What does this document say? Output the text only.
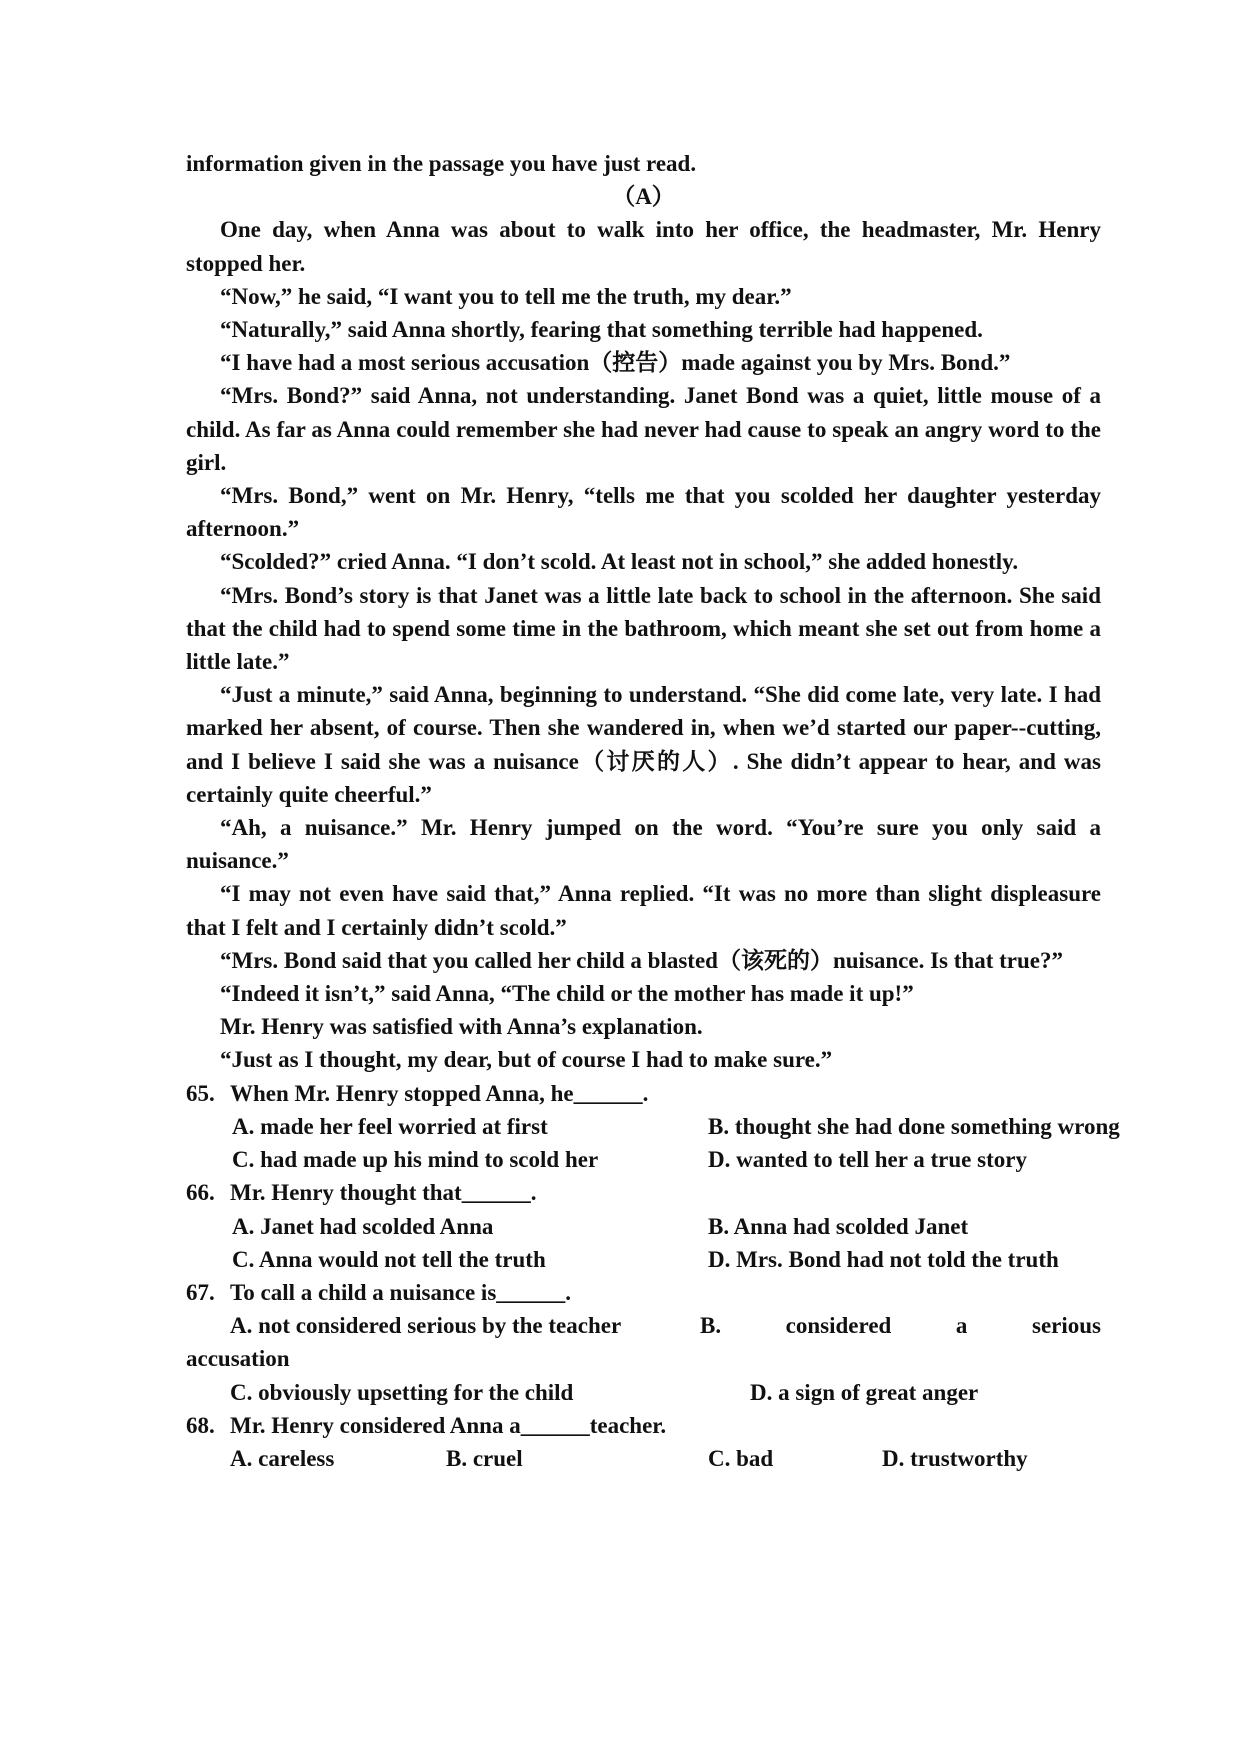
information given in the passage you have just read.
（A）
One day, when Anna was about to walk into her office, the headmaster, Mr. Henry stopped her.
“Now,” he said, “I want you to tell me the truth, my dear.”
“Naturally,” said Anna shortly, fearing that something terrible had happened.
“I have had a most serious accusation（控告）made against you by Mrs. Bond.”
“Mrs. Bond?” said Anna, not understanding. Janet Bond was a quiet, little mouse of a child. As far as Anna could remember she had never had cause to speak an angry word to the girl.
“Mrs. Bond,” went on Mr. Henry, “tells me that you scolded her daughter yesterday afternoon.”
“Scolded?” cried Anna. “I don’t scold. At least not in school,” she added honestly.
“Mrs. Bond’s story is that Janet was a little late back to school in the afternoon. She said that the child had to spend some time in the bathroom, which meant she set out from home a little late.”
“Just a minute,” said Anna, beginning to understand. “She did come late, very late. I had marked her absent, of course. Then she wandered in, when we’d started our paper--cutting, and I believe I said she was a nuisance（讨厌的人）. She didn’t appear to hear, and was certainly quite cheerful.”
“Ah, a nuisance.” Mr. Henry jumped on the word. “You’re sure you only said a nuisance.”
“I may not even have said that,” Anna replied. “It was no more than slight displeasure that I felt and I certainly didn’t scold.”
“Mrs. Bond said that you called her child a blasted（该死的）nuisance. Is that true?”
“Indeed it isn’t,” said Anna, “The child or the mother has made it up!”
Mr. Henry was satisfied with Anna’s explanation.
“Just as I thought, my dear, but of course I had to make sure.”
65. When Mr. Henry stopped Anna, he______.
A. made her feel worried at first	B. thought she had done something wrong
C. had made up his mind to scold her	D. wanted to tell her a true story
66. Mr. Henry thought that______.
A. Janet had scolded Anna	B. Anna had scolded Janet
C. Anna would not tell the truth	D. Mrs. Bond had not told the truth
67. To call a child a nuisance is______.
A. not considered serious by the teacher	B. considered a serious accusation
C. obviously upsetting for the child	D. a sign of great anger
68. Mr. Henry considered Anna a______teacher.
A. careless	B. cruel	C. bad	D. trustworthy
